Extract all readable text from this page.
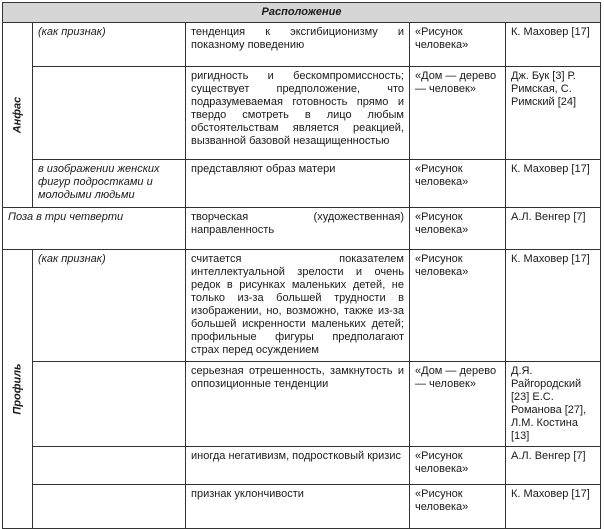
Расположение				

Анфас	(как признак)	тенденция к эксгибиционизму и показному поведению	«Рисунок человека»	К. Маховер [17]
		ригидность и бескомпромиссность; существует предположение, что подразумеваемая готовность прямо и твердо смотреть в лицо любым обстоятельствам является реакцией, вызванной базовой незащищенностью	«Дом — дерево — человек»	Дж. Бук [3] Р. Римская, С. Римский [24]
	в изображении женских фигур подростками и молодыми людьми	представляют образ матери	«Рисунок человека»	К. Маховер [17]
Поза в три четверти		творческая (художественная) направленность	«Рисунок человека»	А.Л. Венгер [7]

Профиль	(как признак)	считается показателем интеллектуальной зрелости и очень редок в рисунках маленьких детей, не только из-за большей трудности в изображении, но, возможно, также из-за большей искренности маленьких детей; профильные фигуры предполагают страх перед осуждением	«Рисунок человека»	К. Маховер [17]
		серьезная отрешенность, замкнутость и оппозиционные тенденции	«Дом — дерево — человек»	Д.Я. Райгородский [23] Е.С. Романова [27], Л.М. Костина [13]
		иногда негативизм, подростковый кризис	«Рисунок человека»	А.Л. Венгер [7]
		признак уклончивости	«Рисунок человека»	К. Маховер [17]
